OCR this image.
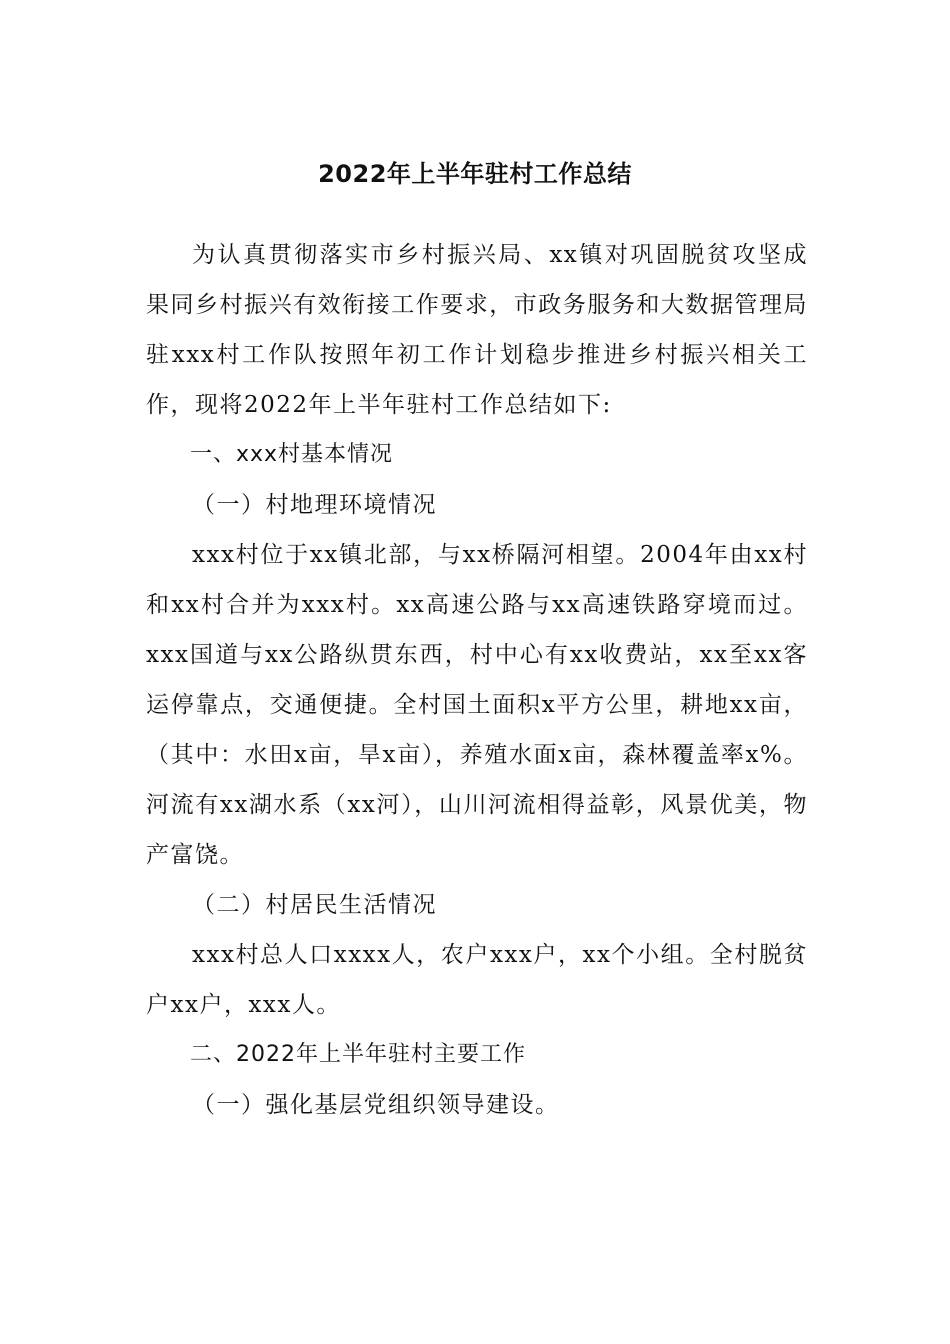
2022年上半年驻村工作总结

为认真贯彻落实市乡村振兴局、xx镇对巩固脱贫攻坚成果同乡村振兴有效衔接工作要求，市政务服务和大数据管理局驻xxx村工作队按照年初工作计划稳步推进乡村振兴相关工作，现将2022年上半年驻村工作总结如下:

一、xxx村基本情况

（一）村地理环境情况

xxx村位于xx镇北部，与xx桥隔河相望。2004年由xx村和xx村合并为xxx村。xx高速公路与xx高速铁路穿境而过。xxx国道与xx公路纵贯东西，村中心有xx收费站，xx至xx客运停靠点，交通便捷。全村国土面积x平方公里，耕地xx亩，（其中：水田x亩，旱x亩），养殖水面x亩，森林覆盖率x%。河流有xx湖水系（xx河），山川河流相得益彰，风景优美，物产富饶。

（二）村居民生活情况

xxx村总人口xxxx人，农户xxx户，xx个小组。全村脱贫户xx户，xxx人。

二、2022年上半年驻村主要工作

（一）强化基层党组织领导建设。
